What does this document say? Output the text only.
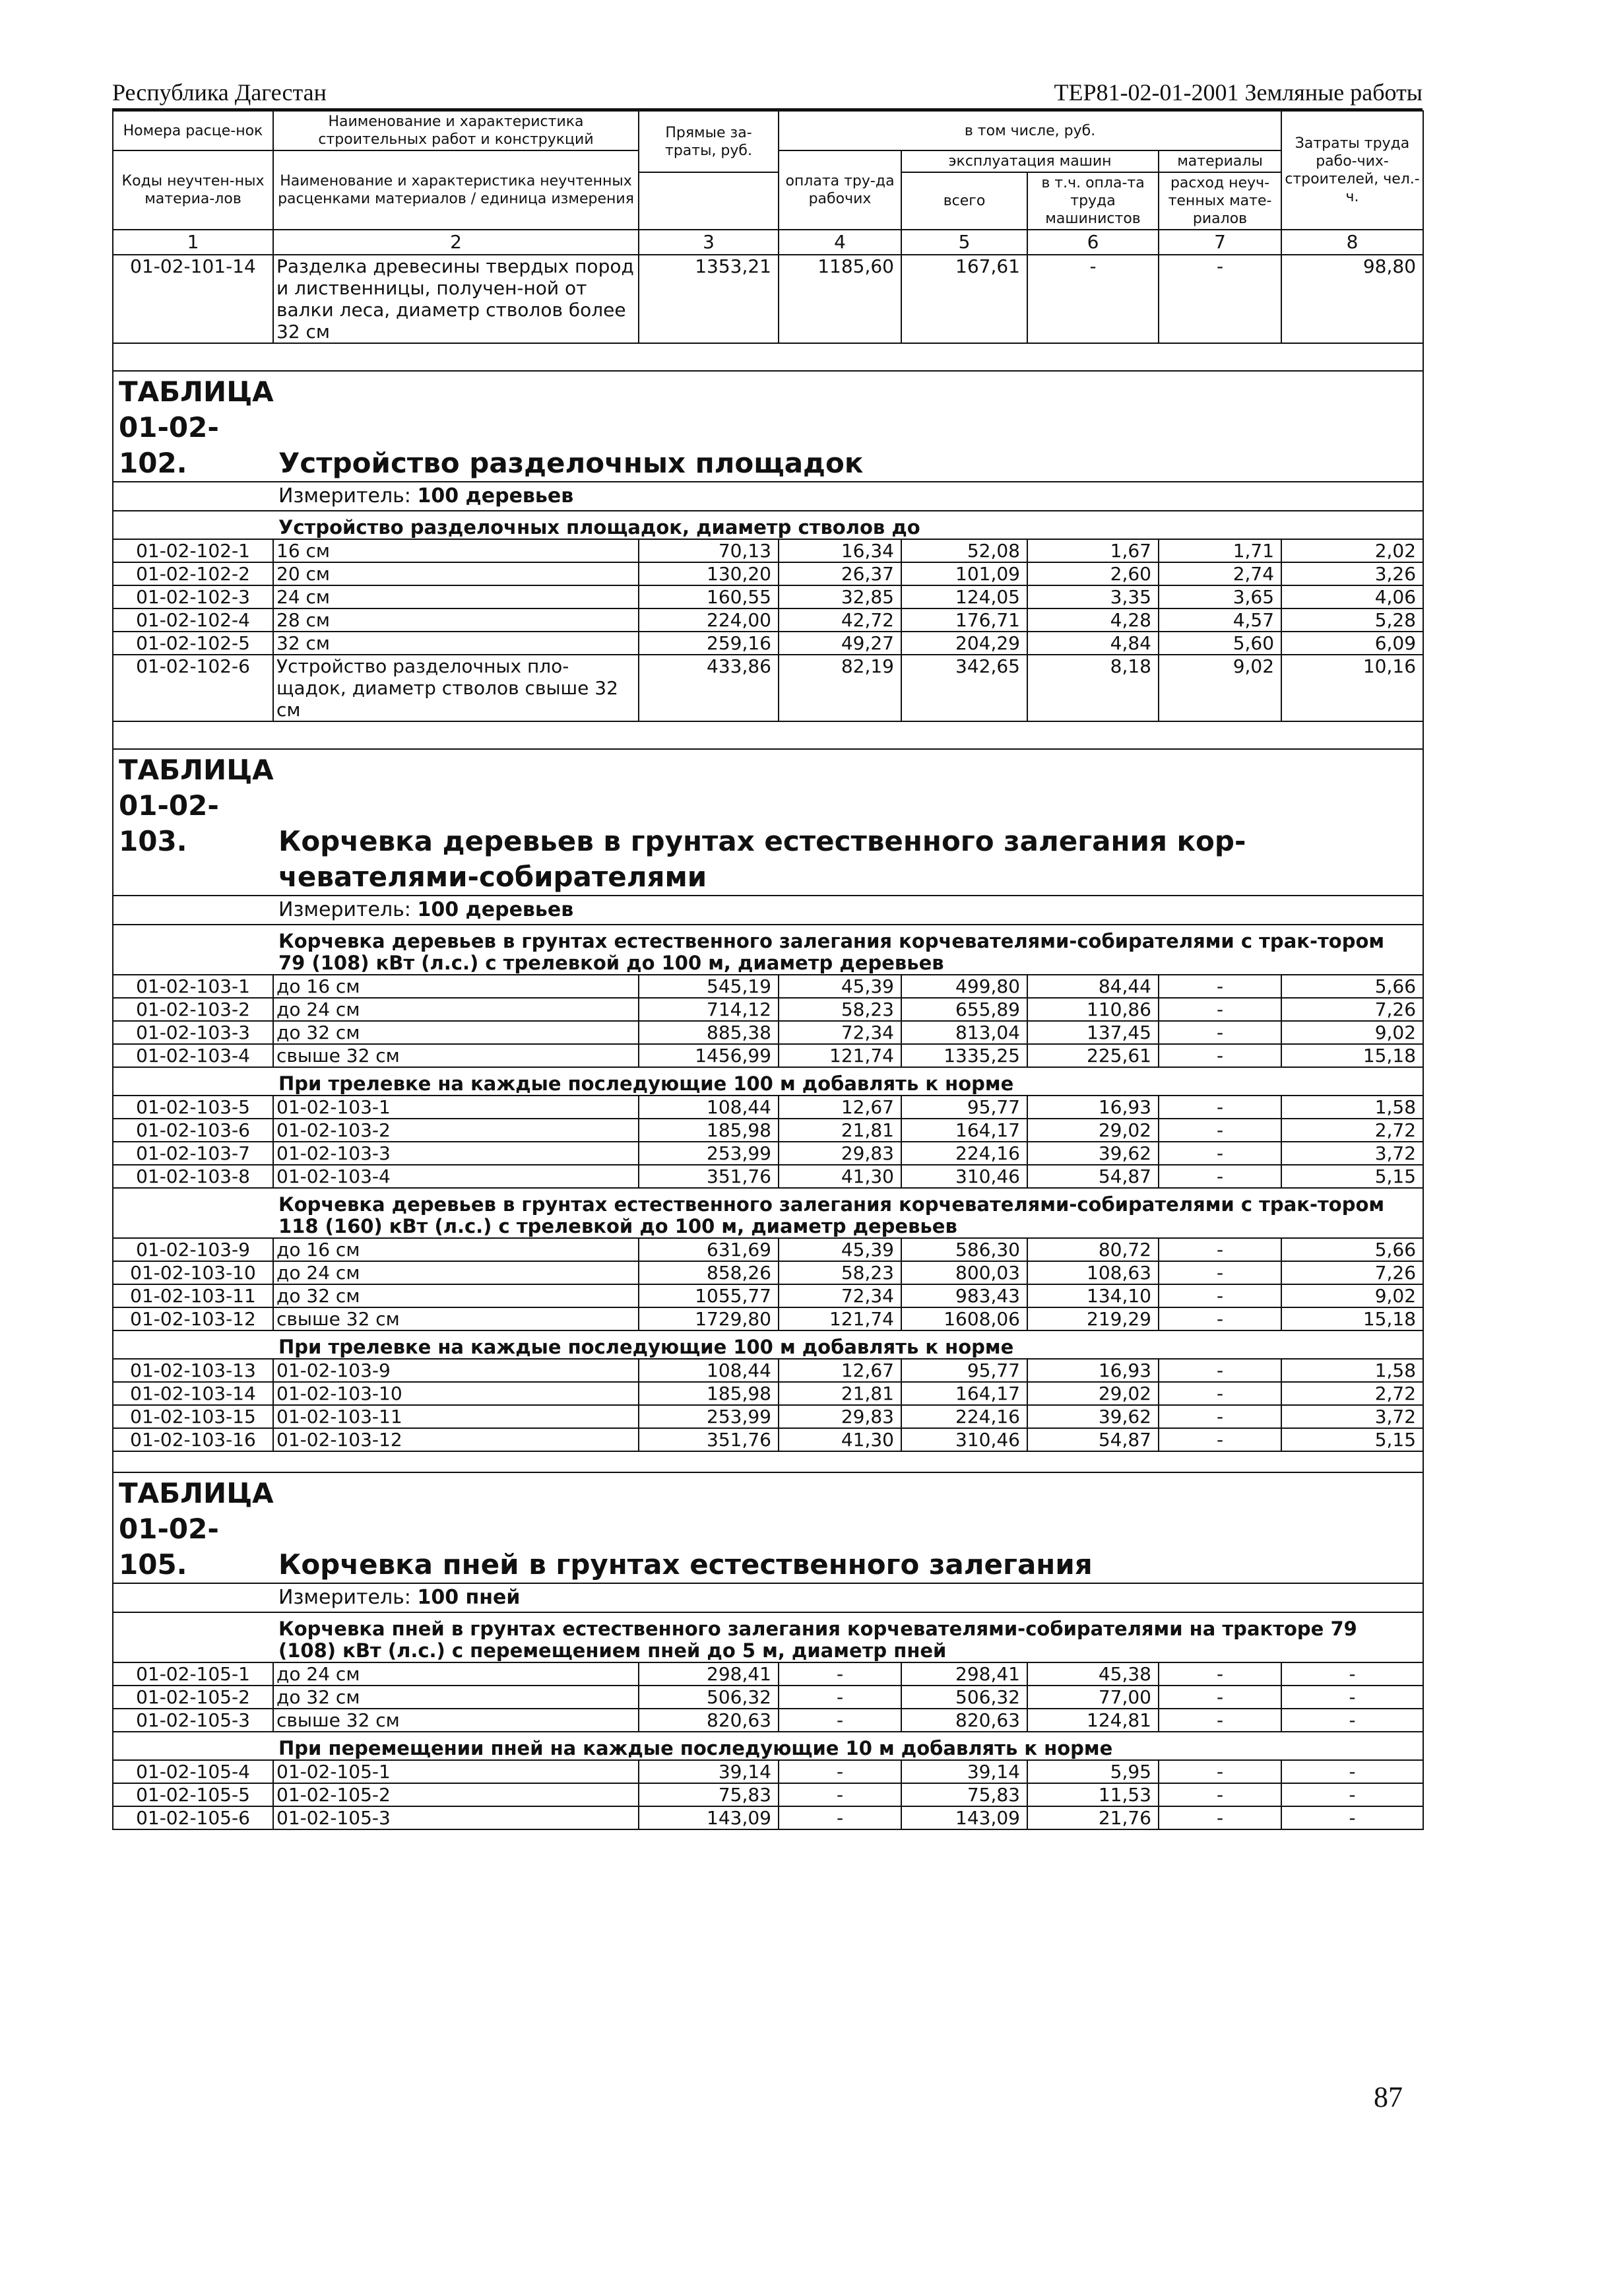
Республика Дагестан	ТЕР81-02-01-2001 Земляные работы
Номера расце-нок	Наименование и характеристика строительных работ и конструкций	Прямые за-траты, руб.	в том числе, руб.				Затраты труда рабо-чих-строителей, чел.-ч.
Коды неучтен-ных материа-лов	Наименование и характеристика неучтенных расценками материалов / единица измерения		оплата тру-да рабочих	эксплуатация машин		материалы	
				всего	в т.ч. опла-та труда машинистов	расход неуч-тенных мате-риалов	

1	2	3	4	5	6	7	8
01-02-101-14	Разделка древесины твердых пород и лиственницы, получен-ной от валки леса, диаметр стволов более 32 см	1353,21	1185,60	167,61	-	-	98,80

ТАБЛИЦА 01-02-102. Устройство разделочных площадок							
Измеритель: 100 деревьев							
Устройство разделочных площадок, диаметр стволов до							
01-02-102-1	16 см	70,13	16,34	52,08	1,67	1,71	2,02
01-02-102-2	20 см	130,20	26,37	101,09	2,60	2,74	3,26
01-02-102-3	24 см	160,55	32,85	124,05	3,35	3,65	4,06
01-02-102-4	28 см	224,00	42,72	176,71	4,28	4,57	5,28
01-02-102-5	32 см	259,16	49,27	204,29	4,84	5,60	6,09
01-02-102-6	Устройство разделочных пло-щадок, диаметр стволов свыше 32 см	433,86	82,19	342,65	8,18	9,02	10,16

ТАБЛИЦА 01-02-103. Корчевка деревьев в грунтах естественного залегания кор-
чевателями-собирателями							

Измеритель: 100 деревьев							
Корчевка деревьев в грунтах естественного залегания корчевателями-собирателями с трак-тором 79 (108) кВт (л.с.) с трелевкой до 100 м, диаметр деревьев							
01-02-103-1	до 16 см	545,19	45,39	499,80	84,44	-	5,66
01-02-103-2	до 24 см	714,12	58,23	655,89	110,86	-	7,26
01-02-103-3	до 32 см	885,38	72,34	813,04	137,45	-	9,02
01-02-103-4	свыше 32 см	1456,99	121,74	1335,25	225,61	-	15,18
При трелевке на каждые последующие 100 м добавлять к норме							
01-02-103-5	01-02-103-1	108,44	12,67	95,77	16,93	-	1,58
01-02-103-6	01-02-103-2	185,98	21,81	164,17	29,02	-	2,72
01-02-103-7	01-02-103-3	253,99	29,83	224,16	39,62	-	3,72
01-02-103-8	01-02-103-4	351,76	41,30	310,46	54,87	-	5,15
Корчевка деревьев в грунтах естественного залегания корчевателями-собирателями с трак-тором 118 (160) кВт (л.с.) с трелевкой до 100 м, диаметр деревьев							
01-02-103-9	до 16 см	631,69	45,39	586,30	80,72	-	5,66
01-02-103-10	до 24 см	858,26	58,23	800,03	108,63	-	7,26
01-02-103-11	до 32 см	1055,77	72,34	983,43	134,10	-	9,02
01-02-103-12	свыше 32 см	1729,80	121,74	1608,06	219,29	-	15,18
При трелевке на каждые последующие 100 м добавлять к норме							
01-02-103-13	01-02-103-9	108,44	12,67	95,77	16,93	-	1,58
01-02-103-14	01-02-103-10	185,98	21,81	164,17	29,02	-	2,72
01-02-103-15	01-02-103-11	253,99	29,83	224,16	39,62	-	3,72
01-02-103-16	01-02-103-12	351,76	41,30	310,46	54,87	-	5,15

ТАБЛИЦА 01-02-105. Корчевка пней в грунтах естественного залегания							
Измеритель: 100 пней							
Корчевка пней в грунтах естественного залегания корчевателями-собирателями на тракторе 79 (108) кВт (л.с.) с перемещением пней до 5 м, диаметр пней							
01-02-105-1	до 24 см	298,41	-	298,41	45,38	-	-
01-02-105-2	до 32 см	506,32	-	506,32	77,00	-	-
01-02-105-3	свыше 32 см	820,63	-	820,63	124,81	-	-
При перемещении пней на каждые последующие 10 м добавлять к норме							
01-02-105-4	01-02-105-1	39,14	-	39,14	5,95	-	-
01-02-105-5	01-02-105-2	75,83	-	75,83	11,53	-	-
01-02-105-6	01-02-105-3	143,09	-	143,09	21,76	-	-
87
